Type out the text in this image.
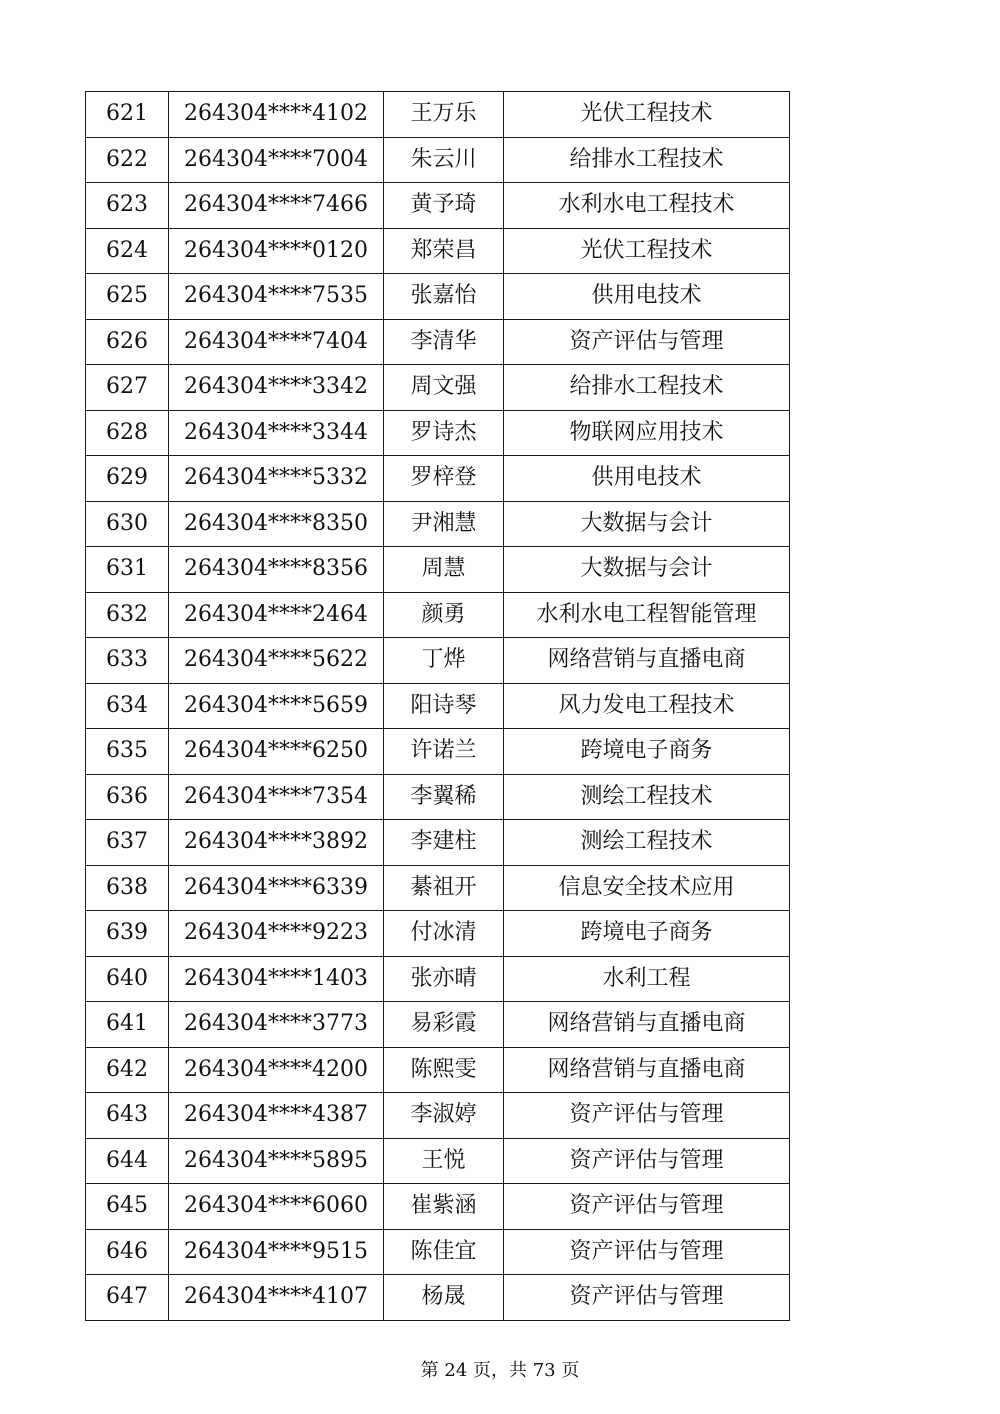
621	264304****4102	王万乐	光伏工程技术
622	264304****7004	朱云川	给排水工程技术
623	264304****7466	黄予琦	水利水电工程技术
624	264304****0120	郑荣昌	光伏工程技术
625	264304****7535	张嘉怡	供用电技术
626	264304****7404	李清华	资产评估与管理
627	264304****3342	周文强	给排水工程技术
628	264304****3344	罗诗杰	物联网应用技术
629	264304****5332	罗梓登	供用电技术
630	264304****8350	尹湘慧	大数据与会计
631	264304****8356	周慧	大数据与会计
632	264304****2464	颜勇	水利水电工程智能管理
633	264304****5622	丁烨	网络营销与直播电商
634	264304****5659	阳诗琴	风力发电工程技术
635	264304****6250	许诺兰	跨境电子商务
636	264304****7354	李翼稀	测绘工程技术
637	264304****3892	李建柱	测绘工程技术
638	264304****6339	綦祖开	信息安全技术应用
639	264304****9223	付冰清	跨境电子商务
640	264304****1403	张亦晴	水利工程
641	264304****3773	易彩霞	网络营销与直播电商
642	264304****4200	陈熙雯	网络营销与直播电商
643	264304****4387	李淑婷	资产评估与管理
644	264304****5895	王悦	资产评估与管理
645	264304****6060	崔紫涵	资产评估与管理
646	264304****9515	陈佳宜	资产评估与管理
647	264304****4107	杨晟	资产评估与管理
第 24 页，共 73 页
